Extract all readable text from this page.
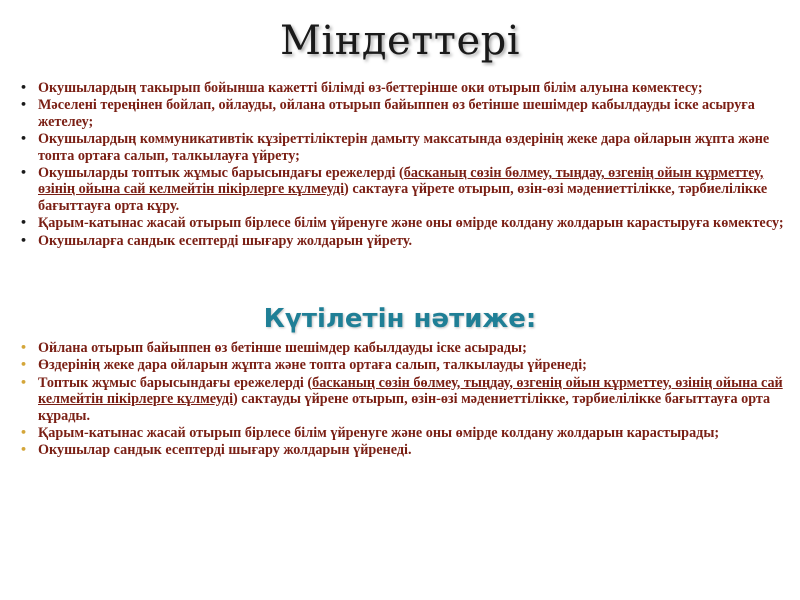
Міндеттері
• Окушылардың такырып бойынша кажетті білімді өз-беттерінше оки отырып білім алуына көмектесу;
• Мәселені тереңінен бойлап, ойлауды, ойлана отырып байыппен өз бетінше шешімдер кабылдауды іске асыруға жетелеу;
• Окушылардың коммуникативтік кұзіреттіліктерін дамыту максатында өздерінің жеке дара ойларын жұпта және топта ортаға салып, талкылауға үйрету;
• Окушыларды топтык жұмыс барысындағы ережелерді (басканың сөзін бөлмеу, тыңдау, өзгенің ойын кұрметтеу, өзінің ойына сай келмейтін пікірлерге кұлмеуді) сактауға үйрете отырып, өзін-өзі мәдениеттілікке, тәрбиелілікке бағыттауға орта кұру.
• Қарым-катынас жасай отырып бірлесе білім үйренуге және оны өмірде колдану жолдарын карастыруға көмектесу;
• Окушыларға сандык есептерді шығару жолдарын үйрету.
Күтілетін нәтиже:
• Ойлана отырып байыппен өз бетінше шешімдер кабылдауды іске асырады;
• Өздерінің жеке дара ойларын жұпта және топта ортаға салып, талкылауды үйренеді;
• Топтык жұмыс барысындағы ережелерді (басканың сөзін бөлмеу, тыңдау, өзгенің ойын кұрметтеу, өзінің ойына сай келмейтін пікірлерге кұлмеуді) сактауды үйрене отырып, өзін-өзі мәдениеттілікке, тәрбиелілікке бағыттауға орта кұрады.
• Қарым-катынас жасай отырып бірлесе білім үйренуге және оны өмірде колдану жолдарын карастырады;
• Окушылар сандык есептерді шығару жолдарын үйренеді.
